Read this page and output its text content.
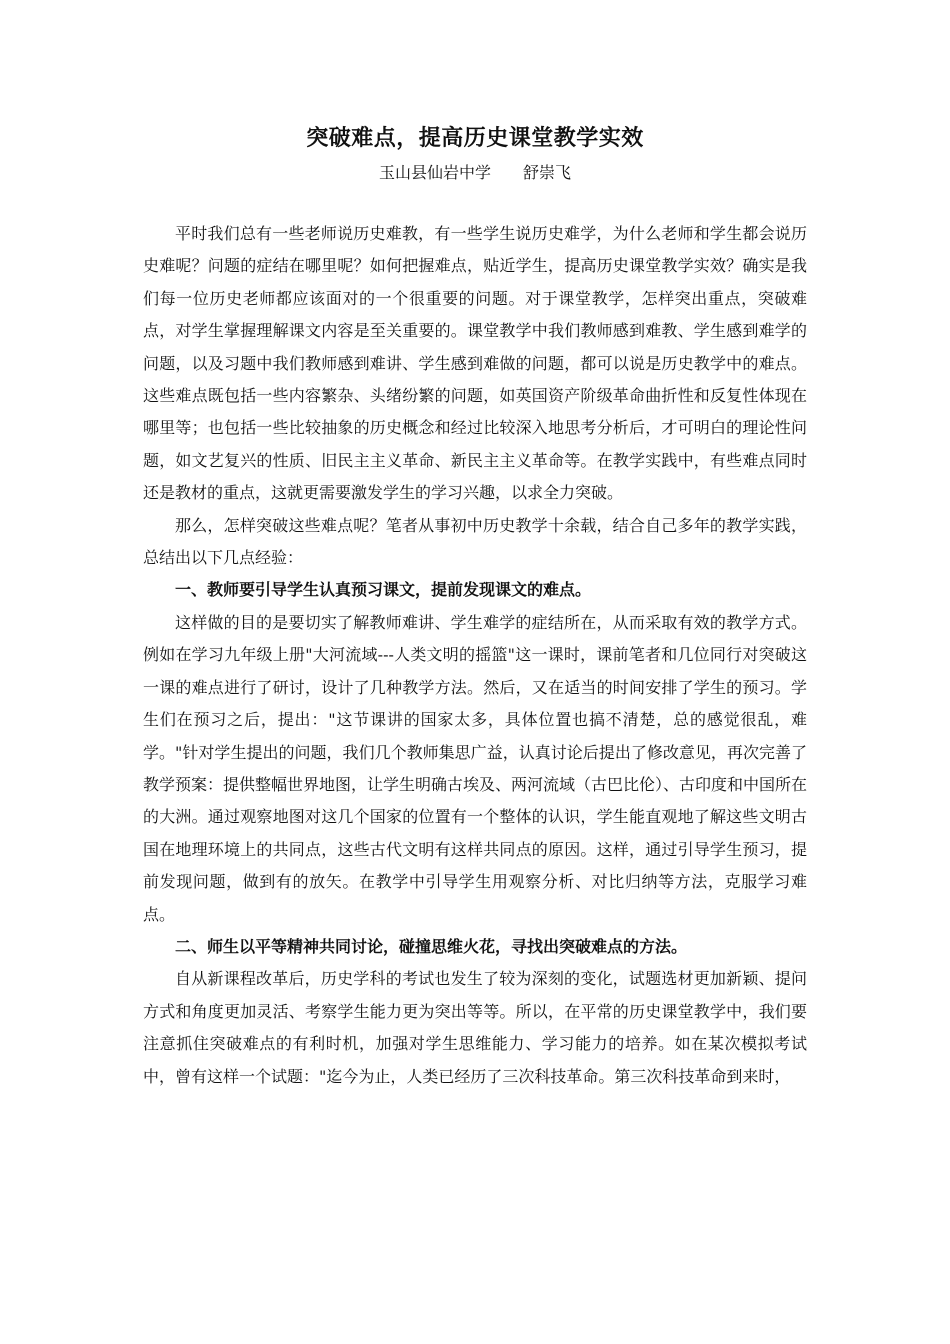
突破难点，提高历史课堂教学实效
玉山县仙岩中学 舒崇飞

平时我们总有一些老师说历史难教，有一些学生说历史难学，为什么老师和学生都会说历史难呢？问题的症结在哪里呢？如何把握难点，贴近学生，提高历史课堂教学实效？确实是我们每一位历史老师都应该面对的一个很重要的问题。对于课堂教学，怎样突出重点，突破难点，对学生掌握理解课文内容是至关重要的。课堂教学中我们教师感到难教、学生感到难学的问题，以及习题中我们教师感到难讲、学生感到难做的问题，都可以说是历史教学中的难点。这些难点既包括一些内容繁杂、头绪纷繁的问题，如英国资产阶级革命曲折性和反复性体现在哪里等；也包括一些比较抽象的历史概念和经过比较深入地思考分析后，才可明白的理论性问题，如文艺复兴的性质、旧民主主义革命、新民主主义革命等。在教学实践中，有些难点同时还是教材的重点，这就更需要激发学生的学习兴趣，以求全力突破。

那么，怎样突破这些难点呢？笔者从事初中历史教学十余载，结合自己多年的教学实践，总结出以下几点经验：

一、教师要引导学生认真预习课文，提前发现课文的难点。

这样做的目的是要切实了解教师难讲、学生难学的症结所在，从而采取有效的教学方式。例如在学习九年级上册"大河流域---人类文明的摇篮"这一课时，课前笔者和几位同行对突破这一课的难点进行了研讨，设计了几种教学方法。然后，又在适当的时间安排了学生的预习。学生们在预习之后，提出："这节课讲的国家太多，具体位置也搞不清楚，总的感觉很乱，难学。"针对学生提出的问题，我们几个教师集思广益，认真讨论后提出了修改意见，再次完善了教学预案：提供整幅世界地图，让学生明确古埃及、两河流域（古巴比伦）、古印度和中国所在的大洲。通过观察地图对这几个国家的位置有一个整体的认识，学生能直观地了解这些文明古国在地理环境上的共同点，这些古代文明有这样共同点的原因。这样，通过引导学生预习，提前发现问题，做到有的放矢。在教学中引导学生用观察分析、对比归纳等方法，克服学习难点。

二、师生以平等精神共同讨论，碰撞思维火花，寻找出突破难点的方法。

自从新课程改革后，历史学科的考试也发生了较为深刻的变化，试题选材更加新颖、提问方式和角度更加灵活、考察学生能力更为突出等等。所以，在平常的历史课堂教学中，我们要注意抓住突破难点的有利时机，加强对学生思维能力、学习能力的培养。如在某次模拟考试中，曾有这样一个试题："迄今为止，人类已经历了三次科技革命。第三次科技革命到来时，
